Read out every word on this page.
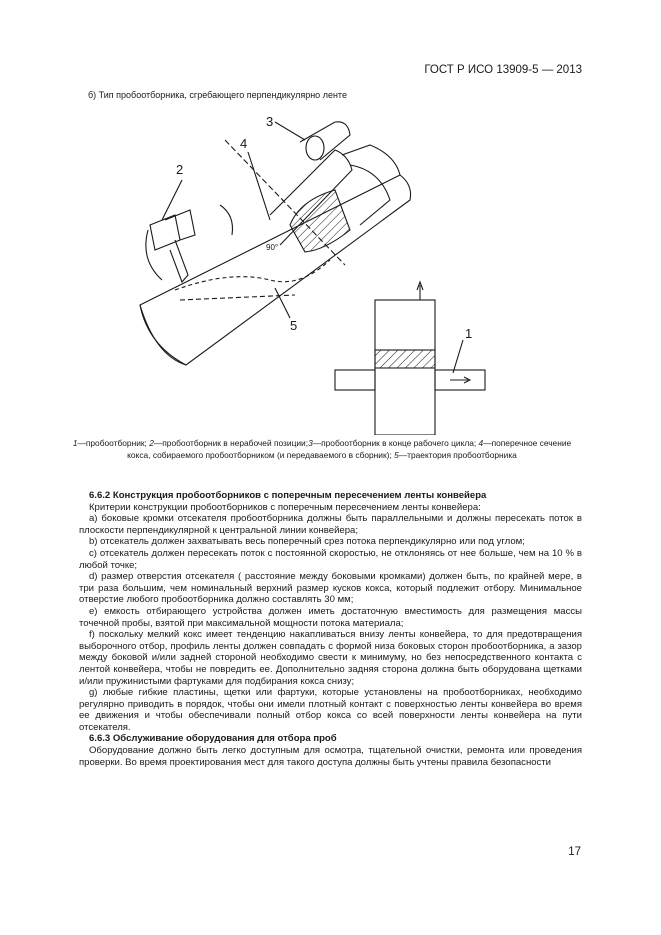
ГОСТ Р ИСО 13909-5 — 2013
б) Тип пробоотборника, сгребающего перпендикулярно ленте
2
4
3
5
1
90°
1—пробоотборник; 2—пробоотборник в нерабочей позиции;3—пробоотборник в конце рабочего цикла; 4—поперечное сечение кокса, собираемого пробоотборником (и передаваемого в сборник); 5—траектория пробоотборника

6.6.2 Конструкция пробоотборников с поперечным пересечением ленты конвейера

Критерии конструкции пробоотборников с поперечным пересечением ленты конвейера:

а) боковые кромки отсекателя пробоотборника должны быть параллельными и должны пересекать поток в плоскости перпендикулярной к центральной линии конвейера;

b) отсекатель должен захватывать весь поперечный срез потока перпендикулярно или под углом;

с) отсекатель должен пересекать поток с постоянной скоростью, не отклоняясь от нее больше, чем на 10 % в любой точке;

d) размер отверстия отсекателя ( расстояние между боковыми кромками) должен быть, по крайней мере, в три раза большим, чем номинальный верхний размер кусков кокса, который подлежит отбору. Минимальное отверстие любого пробоотборника должно составлять 30 мм;

е) емкость отбирающего устройства должен иметь достаточную вместимость для размещения массы точечной пробы, взятой при максимальной мощности потока материала;

f) поскольку мелкий кокс имеет тенденцию накапливаться внизу ленты конвейера, то для предотвращения выборочного отбор, профиль ленты должен совпадать с формой низа боковых сторон пробоотборника, а зазор между боковой и/или задней стороной необходимо свести к минимуму, но без непосредственного контакта с лентой конвейера, чтобы не повредить ее. Дополнительно задняя сторона должна быть оборудована щетками и/или пружинистыми фартуками для подбирания кокса снизу;

g) любые гибкие пластины, щетки или фартуки, которые установлены на пробоотборниках, необходимо регулярно приводить в порядок, чтобы они имели плотный контакт с поверхностью ленты конвейера во время ее движения и чтобы обеспечивали полный отбор кокса со всей поверхности ленты конвейера на пути отсекателя.

6.6.3 Обслуживание оборудования для отбора проб

Оборудование должно быть легко доступным для осмотра, тщательной очистки, ремонта или проведения проверки. Во время проектирования мест для такого доступа должны быть учтены правила безопасности

17
